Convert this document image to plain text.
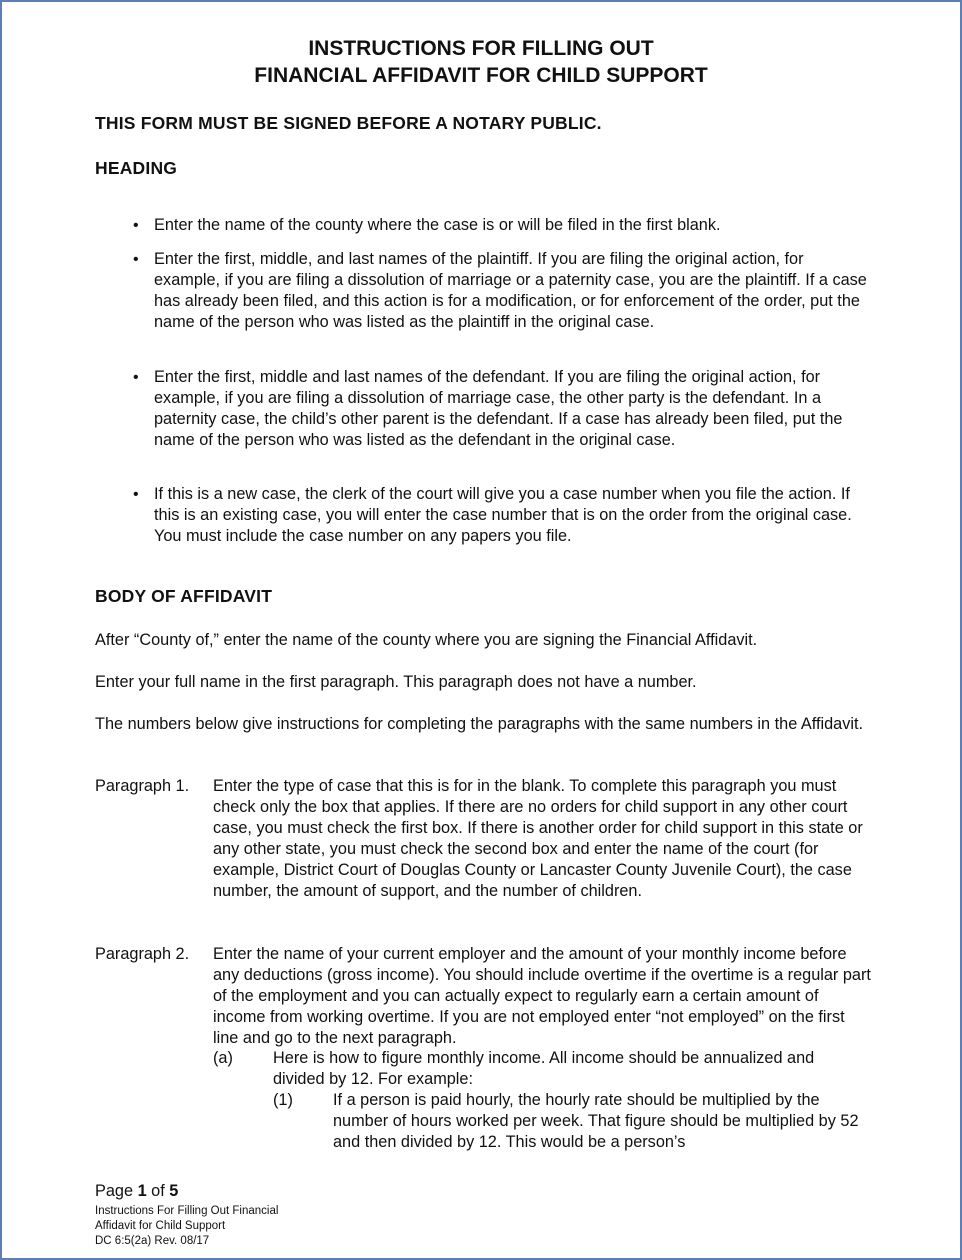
INSTRUCTIONS FOR FILLING OUT
FINANCIAL AFFIDAVIT FOR CHILD SUPPORT
THIS FORM MUST BE SIGNED BEFORE A NOTARY PUBLIC.
HEADING
• Enter the name of the county where the case is or will be filed in the first blank.
• Enter the first, middle, and last names of the plaintiff. If you are filing the original action, for example, if you are filing a dissolution of marriage or a paternity case, you are the plaintiff. If a case has already been filed, and this action is for a modification, or for enforcement of the order, put the name of the person who was listed as the plaintiff in the original case.
• Enter the first, middle and last names of the defendant. If you are filing the original action, for example, if you are filing a dissolution of marriage case, the other party is the defendant. In a paternity case, the child’s other parent is the defendant. If a case has already been filed, put the name of the person who was listed as the defendant in the original case.
• If this is a new case, the clerk of the court will give you a case number when you file the action. If this is an existing case, you will enter the case number that is on the order from the original case. You must include the case number on any papers you file.
BODY OF AFFIDAVIT
After “County of,” enter the name of the county where you are signing the Financial Affidavit.
Enter your full name in the first paragraph. This paragraph does not have a number.
The numbers below give instructions for completing the paragraphs with the same numbers in the Affidavit.
Paragraph 1. Enter the type of case that this is for in the blank. To complete this paragraph you must check only the box that applies. If there are no orders for child support in any other court case, you must check the first box. If there is another order for child support in this state or any other state, you must check the second box and enter the name of the court (for example, District Court of Douglas County or Lancaster County Juvenile Court), the case number, the amount of support, and the number of children.
Paragraph 2. Enter the name of your current employer and the amount of your monthly income before any deductions (gross income). You should include overtime if the overtime is a regular part of the employment and you can actually expect to regularly earn a certain amount of income from working overtime. If you are not employed enter “not employed” on the first line and go to the next paragraph.
(a) Here is how to figure monthly income. All income should be annualized and divided by 12. For example:
(1) If a person is paid hourly, the hourly rate should be multiplied by the number of hours worked per week. That figure should be multiplied by 52 and then divided by 12. This would be a person’s
Page 1 of 5
Instructions For Filling Out Financial
Affidavit for Child Support
DC 6:5(2a) Rev. 08/17
